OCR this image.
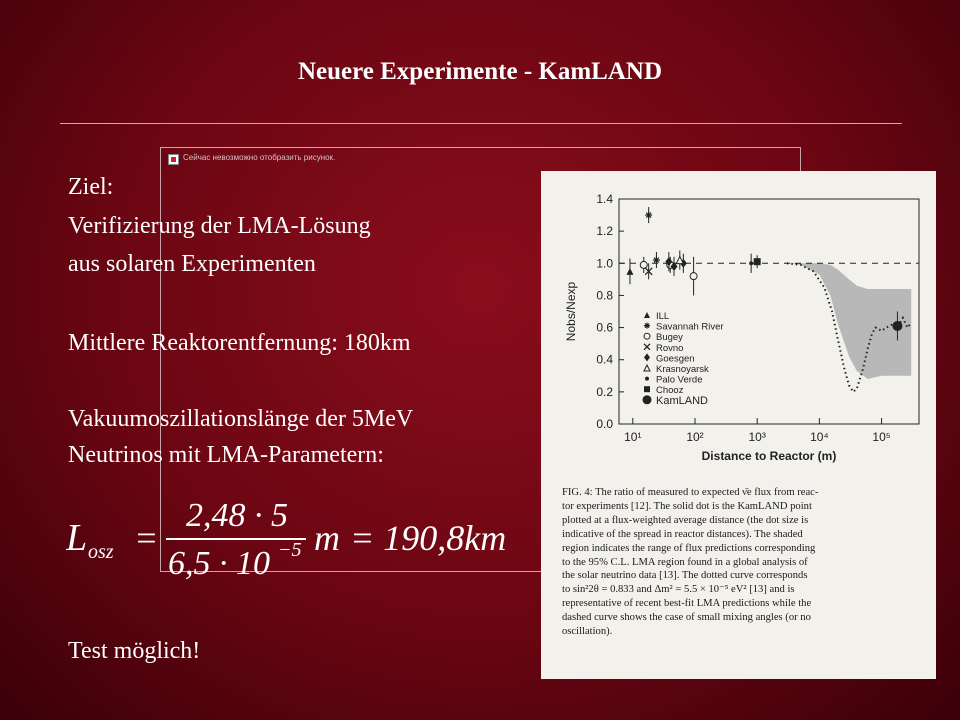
Neuere Experimente - KamLAND
Сейчас невозможно отобразить рисунок.
Ziel:
Verifizierung der LMA-Lösung
aus solaren Experimenten
Mittlere Reaktorentfernung: 180km
Vakuumoszillationslänge der 5MeV
Neutrinos mit LMA-Parametern:
L osz =
2,48 · 5
6,5 · 10 −5 m = 190,8km
Test möglich!
0.0
0.2
0.4
0.6
0.8
1.0
1.2
1.4
10¹	10²	10³	10⁴	10⁵
Distance to Reactor (m)
Nobs/Nexp	ILL
Savannah River
Bugey
Rovno
Goesgen
Krasnoyarsk
Palo Verde
Chooz
KamLAND
FIG. 4: The ratio of measured to expected ν̄e flux from reac-
tor experiments [12]. The solid dot is the KamLAND point
plotted at a flux-weighted average distance (the dot size is
indicative of the spread in reactor distances). The shaded
region indicates the range of flux predictions corresponding
to the 95% C.L. LMA region found in a global analysis of
the solar neutrino data [13]. The dotted curve corresponds
to sin²2θ = 0.833 and Δm² = 5.5 × 10⁻⁵ eV² [13] and is
representative of recent best-fit LMA predictions while the
dashed curve shows the case of small mixing angles (or no
oscillation).
